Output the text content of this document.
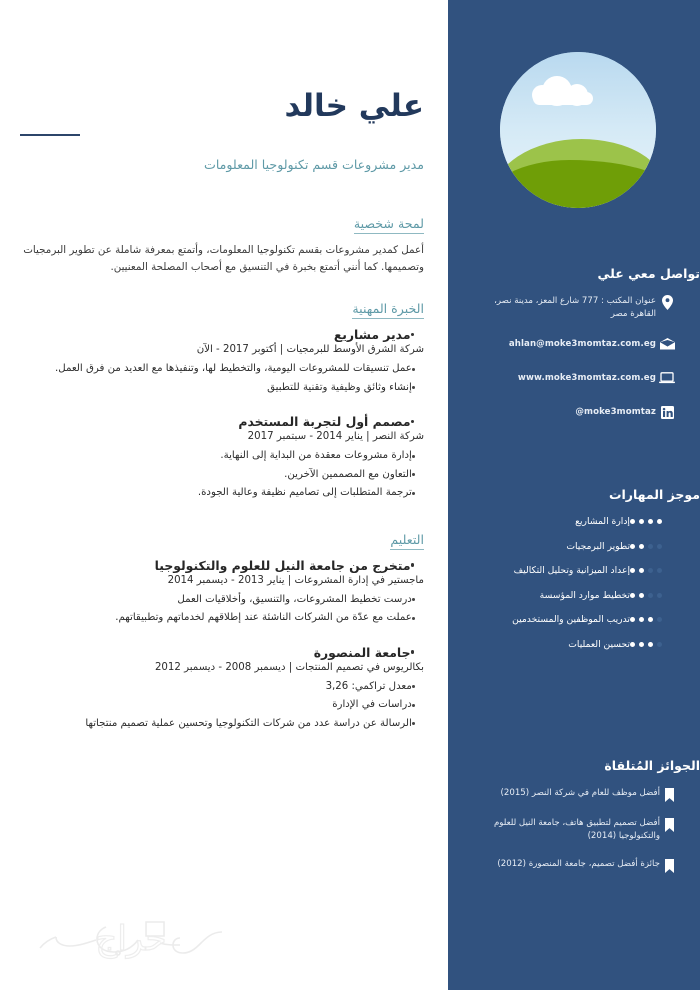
تواصل معي علي
عنوان المكتب : 777 شارع المعز، مدينة نصر، القاهرة مصر
ahlan@moke3momtaz.com.eg
www.moke3momtaz.com.eg
moke3momtaz@
موجز المهارات
إدارة المشاريع
تطوير البرمجيات
إعداد الميزانية وتحليل التكاليف
تخطيط موارد المؤسسة
تدريب الموظفين والمستخدمين
تحسين العمليات
الجوائز المُتلقاة
أفضل موظف للعام في شركة النصر (2015)
أفضل تصميم لتطبيق هاتف، جامعة النيل للعلوم والتكنولوجيا (2014)
جائزة أفضل تصميم، جامعة المنصورة (2012)
علي خالد
مدير مشروعات قسم تكنولوجيا المعلومات
لمحة شخصية

أعمل كمدير مشروعات بقسم تكنولوجيا المعلومات، وأتمتع بمعرفة شاملة عن تطوير البرمجيات وتصميمها. كما أنني أتمتع بخبرة في التنسيق مع أصحاب المصلحة المعنيين.

الخبرة المهنية
مدير مشاريع
شركة الشرق الأوسط للبرمجيات | أكتوبر 2017 - الآن
عمل تنسيقات للمشروعات اليومية، والتخطيط لها، وتنفيذها مع العديد من فرق العمل.
إنشاء وثائق وظيفية وتقنية للتطبيق
مصمم أول لتجربة المستخدم
شركة النصر | يناير 2014 - سبتمبر 2017
إدارة مشروعات معقدة من البداية إلى النهاية.
التعاون مع المصممين الآخرين.
ترجمة المتطلبات إلى تصاميم نظيفة وعالية الجودة.
التعليم
متخرج من جامعة النيل للعلوم والتكنولوجيا
ماجستير في إدارة المشروعات | يناير 2013 - ديسمبر 2014
درست تخطيط المشروعات، والتنسيق، وأخلاقيات العمل
عملت مع عدّة من الشركات الناشئة عند إطلاقهم لخدماتهم وتطبيقاتهم.
جامعة المنصورة
بكالريوس في تصميم المنتجات | ديسمبر 2008 - ديسمبر 2012
معدل تراكمي: 3,26
دراسات في الإدارة
الرسالة عن دراسة عدد من شركات التكنولوجيا وتحسين عملية تصميم منتجاتها
حراج
